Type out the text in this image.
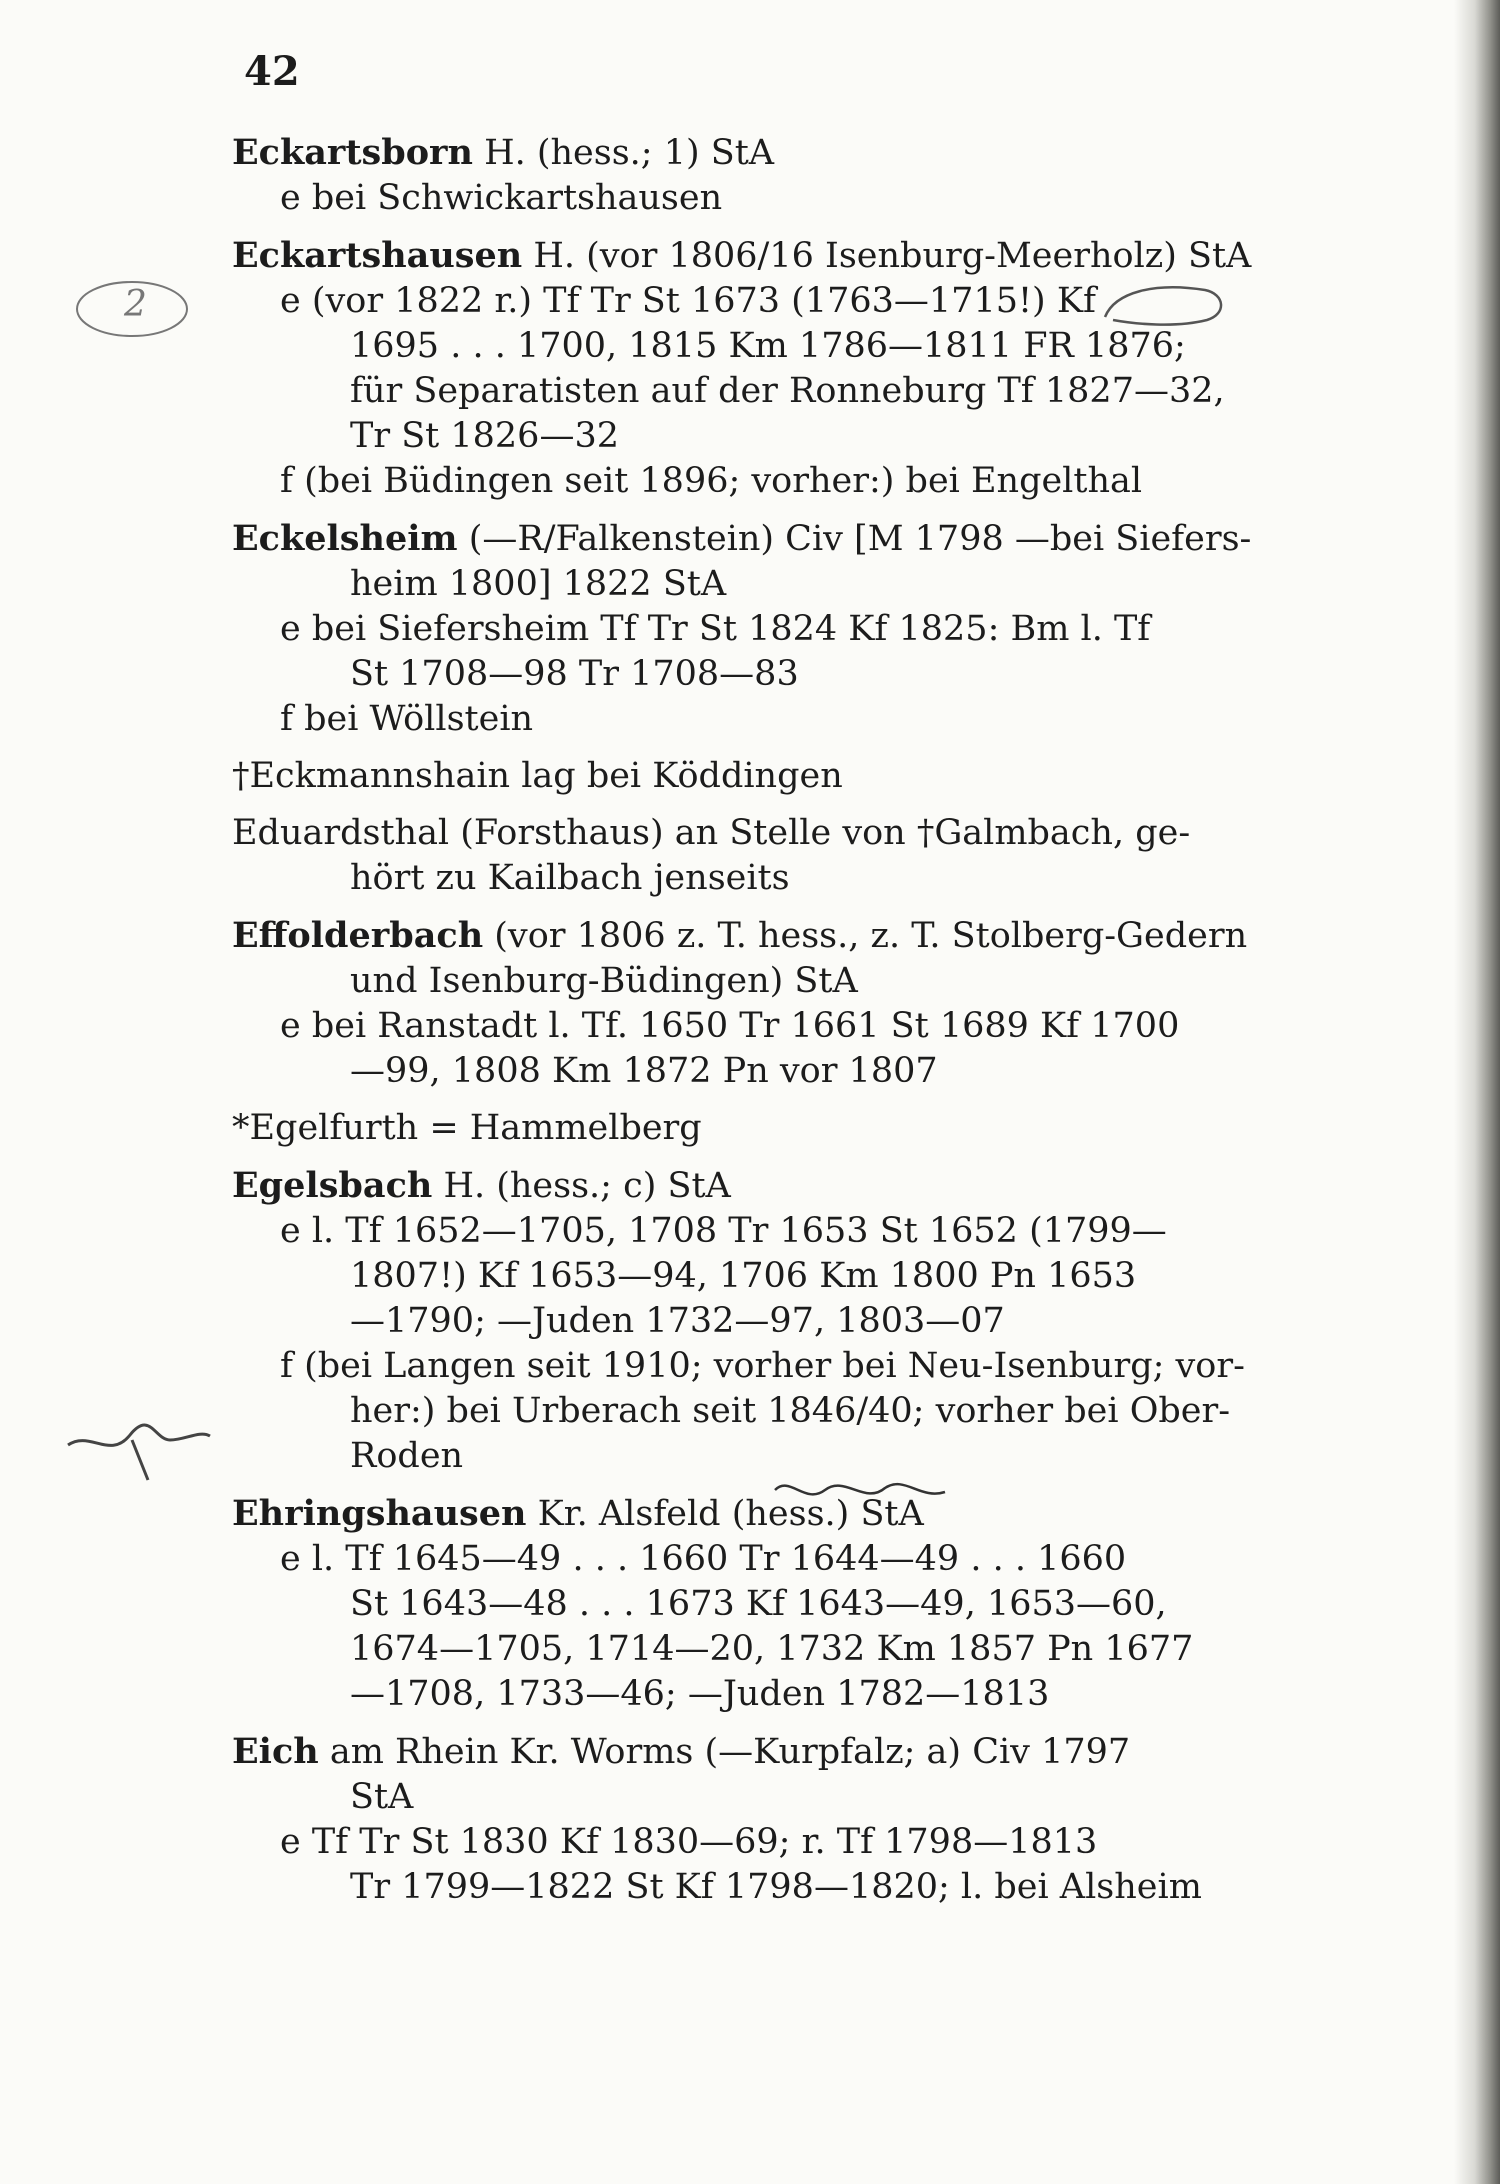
42
Eckartsborn H. (hess.; 1) StA
e bei Schwickartshausen
Eckartshausen H. (vor 1806/16 Isenburg-Meerholz) StA
e (vor 1822 r.) Tf Tr St 1673 (1763—1715!) Kf
1695 . . . 1700, 1815 Km 1786—1811 FR 1876;
für Separatisten auf der Ronneburg Tf 1827—32,
Tr St 1826—32
f (bei Büdingen seit 1896; vorher:) bei Engelthal
Eckelsheim (—R/Falkenstein) Civ [M 1798 —bei Siefers-
heim 1800] 1822 StA
e bei Siefersheim Tf Tr St 1824 Kf 1825: Bm l. Tf
St 1708—98 Tr 1708—83
f bei Wöllstein
†Eckmannshain lag bei Köddingen
Eduardsthal (Forsthaus) an Stelle von †Galmbach, ge-
hört zu Kailbach jenseits
Effolderbach (vor 1806 z. T. hess., z. T. Stolberg-Gedern
und Isenburg-Büdingen) StA
e bei Ranstadt l. Tf. 1650 Tr 1661 St 1689 Kf 1700
—99, 1808 Km 1872 Pn vor 1807
*Egelfurth = Hammelberg
Egelsbach H. (hess.; c) StA
e l. Tf 1652—1705, 1708 Tr 1653 St 1652 (1799—
1807!) Kf 1653—94, 1706 Km 1800 Pn 1653
—1790; —Juden 1732—97, 1803—07
f (bei Langen seit 1910; vorher bei Neu-Isenburg; vor-
her:) bei Urberach seit 1846/40; vorher bei Ober-
Roden
Ehringshausen Kr. Alsfeld (hess.) StA
e l. Tf 1645—49 . . . 1660 Tr 1644—49 . . . 1660
St 1643—48 . . . 1673 Kf 1643—49, 1653—60,
1674—1705, 1714—20, 1732 Km 1857 Pn 1677
—1708, 1733—46; —Juden 1782—1813
Eich am Rhein Kr. Worms (—Kurpfalz; a) Civ 1797
StA
e Tf Tr St 1830 Kf 1830—69; r. Tf 1798—1813
Tr 1799—1822 St Kf 1798—1820; l. bei Alsheim
2
